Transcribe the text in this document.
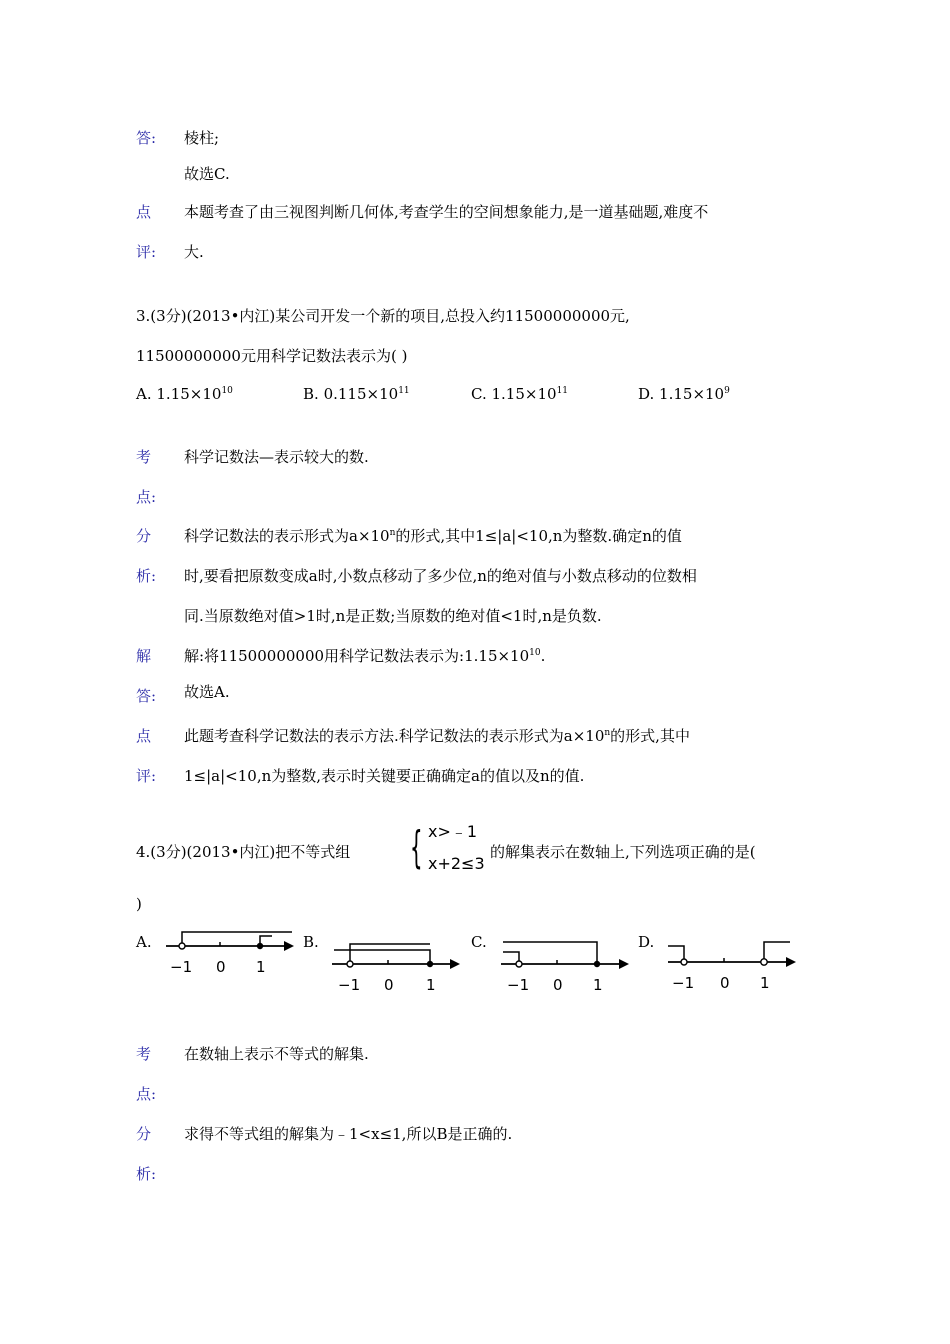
答: 棱柱;
故选C.
点 本题考查了由三视图判断几何体,考查学生的空间想象能力,是一道基础题,难度不
评: 大.
3.(3分)(2013•内江)某公司开发一个新的项目,总投入约11500000000元,
11500000000元用科学记数法表示为( )
A. $1.15\times 10^{10}$	B. $0.115\times 10^{11}$	C. $1.15\times 10^{11}$	D. $1.15\times 10^9$
考 科学记数法—表示较大的数.
点:
分 科学记数法的表示形式为$a\times 10^n$的形式,其中1≤|a|<10,n为整数.确定n的值
析: 时,要看把原数变成a时,小数点移动了多少位,n的绝对值与小数点移动的位数相
同.当原数绝对值>1时,n是正数;当原数的绝对值<1时,n是负数.
解 解:将11500000000用科学记数法表示为$:1.15\times 10^{10}$.
答: 故选A.
点 此题考查科学记数法的表示方法.科学记数法的表示形式为$a\times 10^n$的形式,其中
评: 1≤|a|<10,n为整数,表示时关键要正确确定a的值以及n的值.
4.(3分)(2013•内江)把不等式组 { x>﹣1
x+2≤3
的解集表示在数轴上,下列选项正确的是(
)
A.
−1 0 1
B.
−1 0 1
C.
−1 0 1
D.
−1 0 1
考 在数轴上表示不等式的解集.
点:
分 求得不等式组的解集为﹣1<x≤1,所以B是正确的.
析:
